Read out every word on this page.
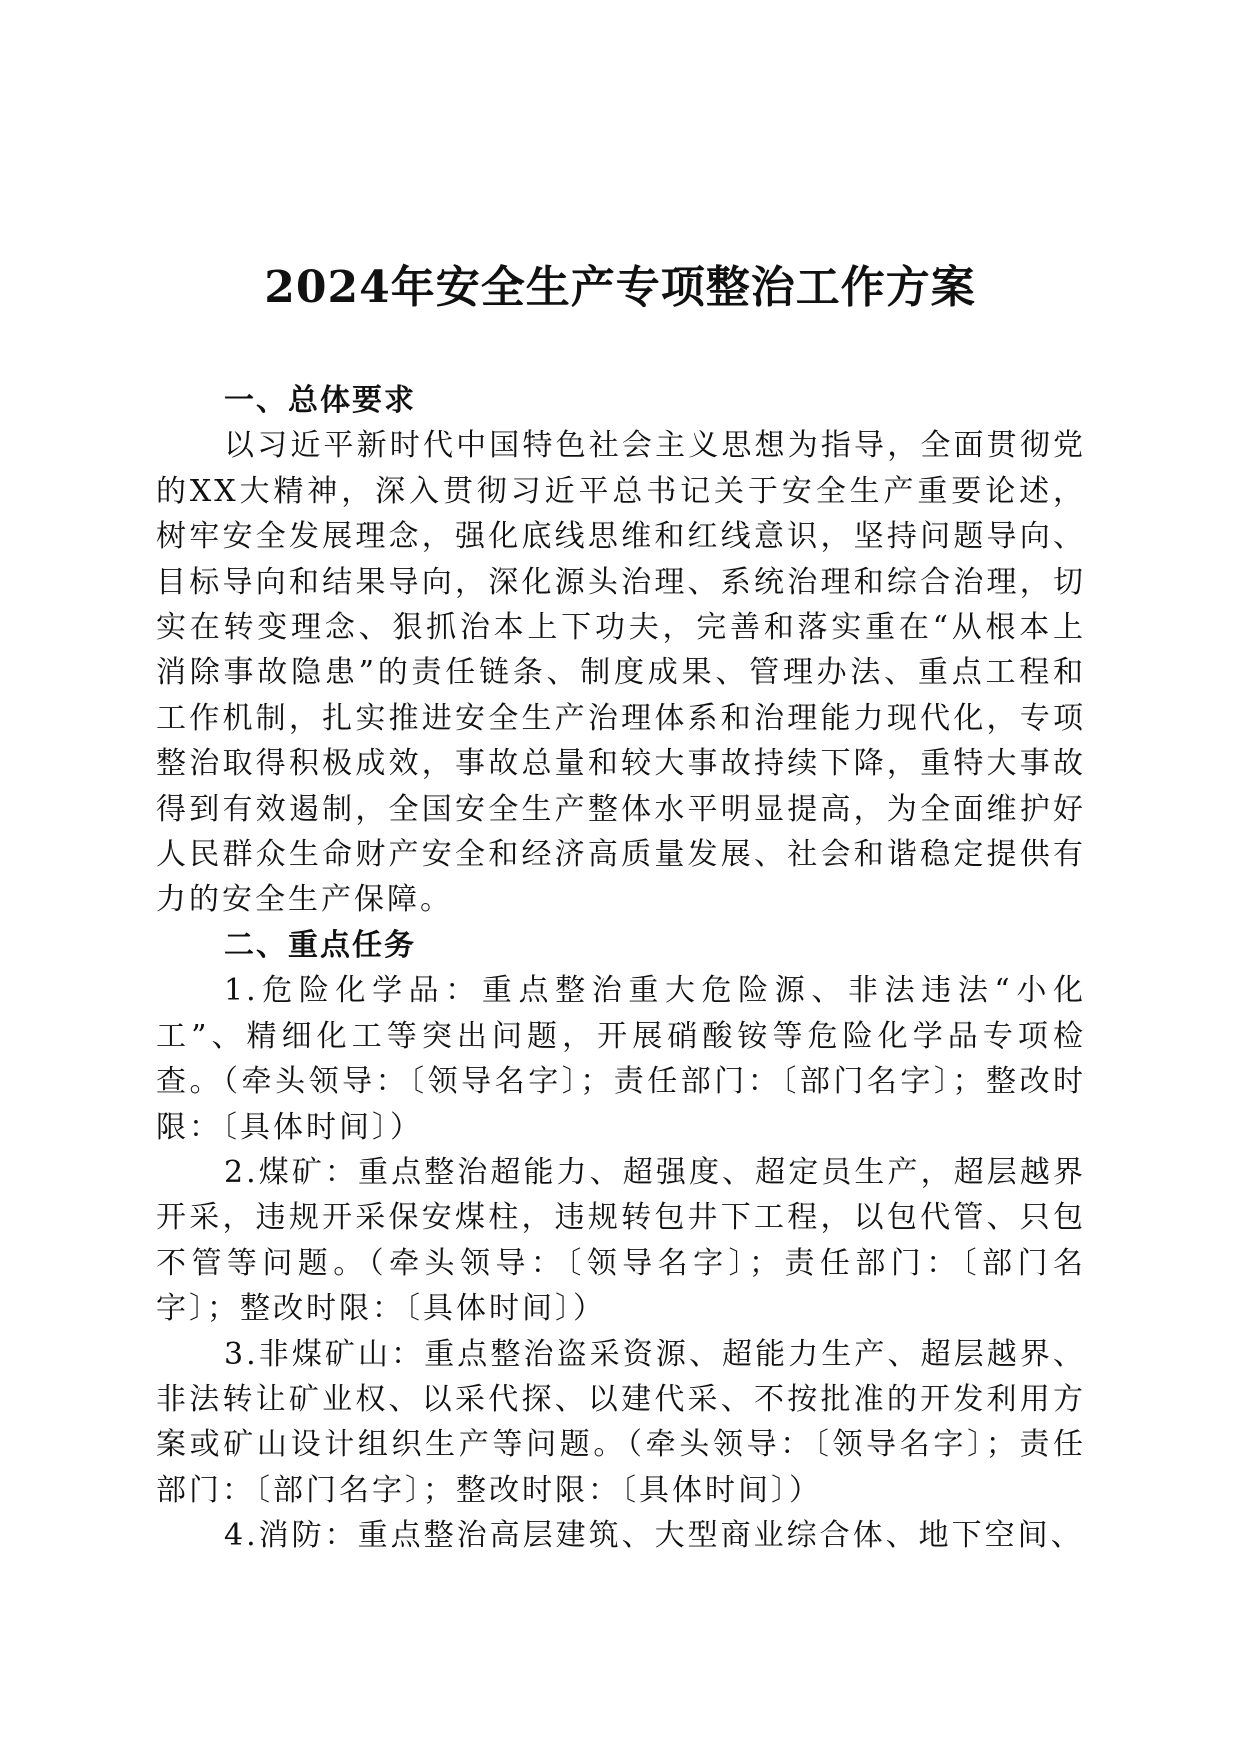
2024年安全生产专项整治工作方案
一、总体要求

以习近平新时代中国特色社会主义思想为指导，全面贯彻党的XX大精神，深入贯彻习近平总书记关于安全生产重要论述，树牢安全发展理念，强化底线思维和红线意识，坚持问题导向、目标导向和结果导向，深化源头治理、系统治理和综合治理，切实在转变理念、狠抓治本上下功夫，完善和落实重在“从根本上消除事故隐患”的责任链条、制度成果、管理办法、重点工程和工作机制，扎实推进安全生产治理体系和治理能力现代化，专项整治取得积极成效，事故总量和较大事故持续下降，重特大事故得到有效遏制，全国安全生产整体水平明显提高，为全面维护好人民群众生命财产安全和经济高质量发展、社会和谐稳定提供有力的安全生产保障。

二、重点任务

1.危险化学品：重点整治重大危险源、非法违法“小化工”、精细化工等突出问题，开展硝酸铵等危险化学品专项检查。（牵头领导：〔领导名字〕；责任部门：〔部门名字〕；整改时限：〔具体时间〕）

2.煤矿：重点整治超能力、超强度、超定员生产，超层越界开采，违规开采保安煤柱，违规转包井下工程，以包代管、只包不管等问题。（牵头领导：〔领导名字〕；责任部门：〔部门名字〕；整改时限：〔具体时间〕）

3.非煤矿山：重点整治盗采资源、超能力生产、超层越界、非法转让矿业权、以采代探、以建代采、不按批准的开发利用方案或矿山设计组织生产等问题。（牵头领导：〔领导名字〕；责任部门：〔部门名字〕；整改时限：〔具体时间〕）

4.消防：重点整治高层建筑、大型商业综合体、地下空间、
